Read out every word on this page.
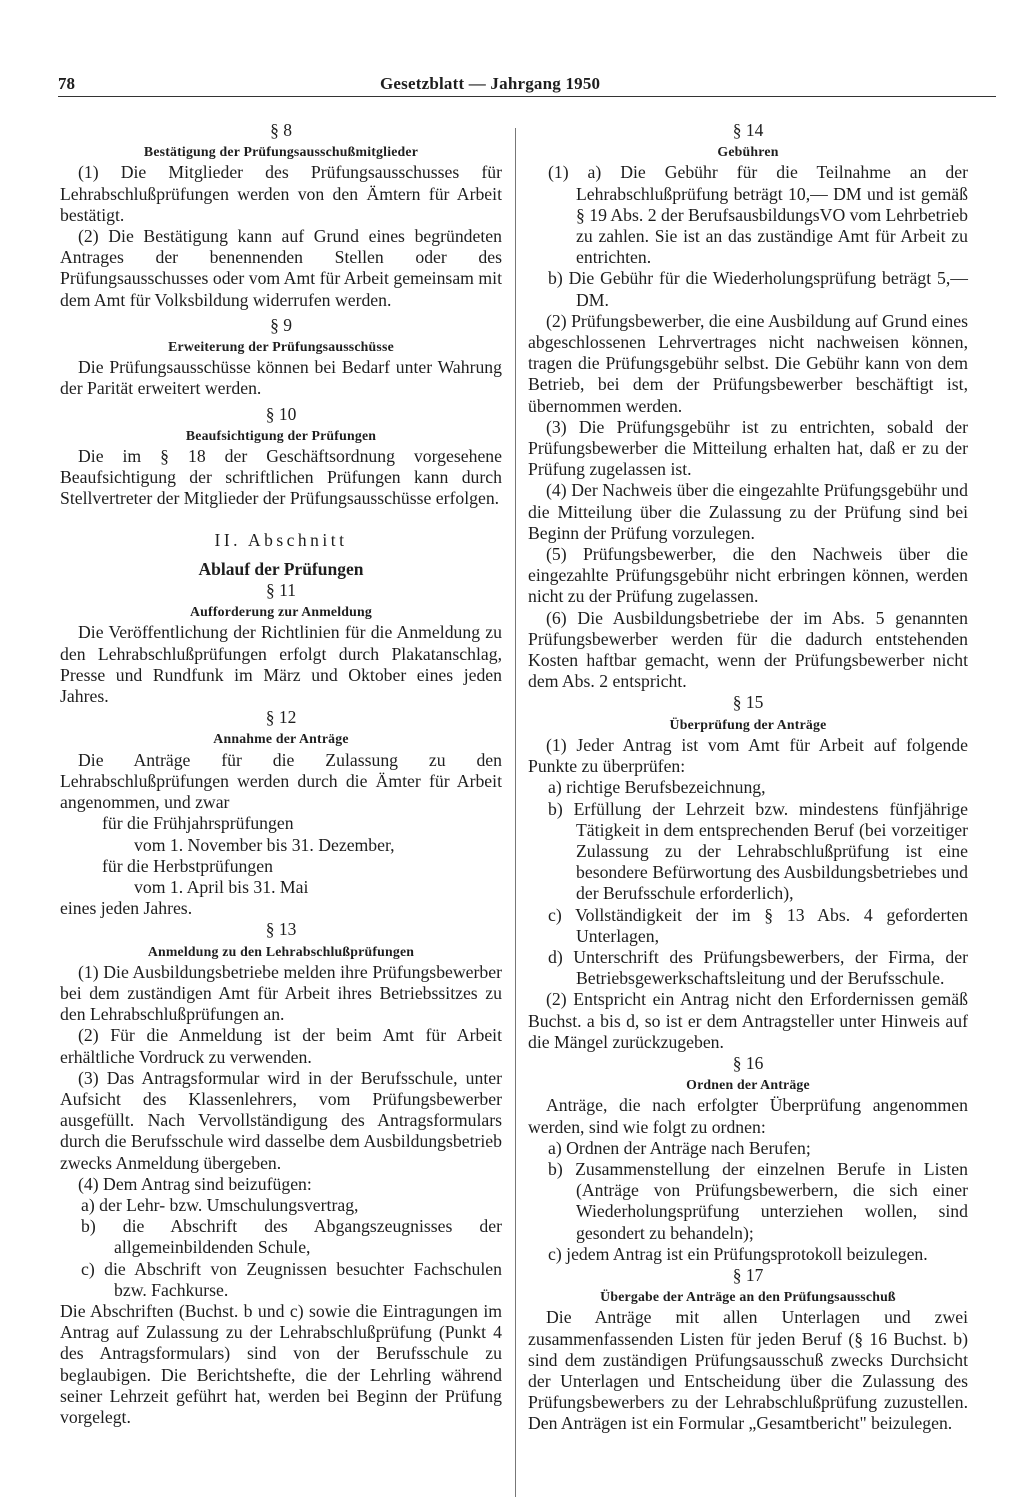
78	Gesetzblatt — Jahrgang 1950
§ 8
Bestätigung der Prüfungsausschußmitglieder

(1) Die Mitglieder des Prüfungsausschusses für Lehrabschlußprüfungen werden von den Ämtern für Arbeit bestätigt.

(2) Die Bestätigung kann auf Grund eines begründeten Antrages der benennenden Stellen oder des Prüfungsausschusses oder vom Amt für Arbeit gemeinsam mit dem Amt für Volksbildung widerrufen werden.

§ 9
Erweiterung der Prüfungsausschüsse

Die Prüfungsausschüsse können bei Bedarf unter Wahrung der Parität erweitert werden.

§ 10
Beaufsichtigung der Prüfungen

Die im § 18 der Geschäftsordnung vorgesehene Beaufsichtigung der schriftlichen Prüfungen kann durch Stellvertreter der Mitglieder der Prüfungsausschüsse erfolgen.

II. Abschnitt
Ablauf der Prüfungen
§ 11
Aufforderung zur Anmeldung

Die Veröffentlichung der Richtlinien für die Anmeldung zu den Lehrabschlußprüfungen erfolgt durch Plakatanschlag, Presse und Rundfunk im März und Oktober eines jeden Jahres.

§ 12
Annahme der Anträge

Die Anträge für die Zulassung zu den Lehrabschlußprüfungen werden durch die Ämter für Arbeit angenommen, und zwar

für die Frühjahrsprüfungen
vom 1. November bis 31. Dezember,
für die Herbstprüfungen
vom 1. April bis 31. Mai
eines jeden Jahres.
§ 13
Anmeldung zu den Lehrabschlußprüfungen

(1) Die Ausbildungsbetriebe melden ihre Prüfungsbewerber bei dem zuständigen Amt für Arbeit ihres Betriebssitzes zu den Lehrabschlußprüfungen an.

(2) Für die Anmeldung ist der beim Amt für Arbeit erhältliche Vordruck zu verwenden.

(3) Das Antragsformular wird in der Berufsschule, unter Aufsicht des Klassenlehrers, vom Prüfungsbewerber ausgefüllt. Nach Vervollständigung des Antragsformulars durch die Berufsschule wird dasselbe dem Ausbildungsbetrieb zwecks Anmeldung übergeben.

(4) Dem Antrag sind beizufügen:

a) der Lehr- bzw. Umschulungsvertrag,

b) die Abschrift des Abgangszeugnisses der allgemeinbildenden Schule,

c) die Abschrift von Zeugnissen besuchter Fachschulen bzw. Fachkurse.

Die Abschriften (Buchst. b und c) sowie die Eintragungen im Antrag auf Zulassung zu der Lehrabschlußprüfung (Punkt 4 des Antragsformulars) sind von der Berufsschule zu beglaubigen. Die Berichtshefte, die der Lehrling während seiner Lehrzeit geführt hat, werden bei Beginn der Prüfung vorgelegt.

§ 14
Gebühren

(1) a) Die Gebühr für die Teilnahme an der Lehrabschlußprüfung beträgt 10,— DM und ist gemäß § 19 Abs. 2 der BerufsausbildungsVO vom Lehrbetrieb zu zahlen. Sie ist an das zuständige Amt für Arbeit zu entrichten.

b) Die Gebühr für die Wiederholungsprüfung beträgt 5,— DM.

(2) Prüfungsbewerber, die eine Ausbildung auf Grund eines abgeschlossenen Lehrvertrages nicht nachweisen können, tragen die Prüfungsgebühr selbst. Die Gebühr kann von dem Betrieb, bei dem der Prüfungsbewerber beschäftigt ist, übernommen werden.

(3) Die Prüfungsgebühr ist zu entrichten, sobald der Prüfungsbewerber die Mitteilung erhalten hat, daß er zu der Prüfung zugelassen ist.

(4) Der Nachweis über die eingezahlte Prüfungsgebühr und die Mitteilung über die Zulassung zu der Prüfung sind bei Beginn der Prüfung vorzulegen.

(5) Prüfungsbewerber, die den Nachweis über die eingezahlte Prüfungsgebühr nicht erbringen können, werden nicht zu der Prüfung zugelassen.

(6) Die Ausbildungsbetriebe der im Abs. 5 genannten Prüfungsbewerber werden für die dadurch entstehenden Kosten haftbar gemacht, wenn der Prüfungsbewerber nicht dem Abs. 2 entspricht.

§ 15
Überprüfung der Anträge

(1) Jeder Antrag ist vom Amt für Arbeit auf folgende Punkte zu überprüfen:

a) richtige Berufsbezeichnung,

b) Erfüllung der Lehrzeit bzw. mindestens fünfjährige Tätigkeit in dem entsprechenden Beruf (bei vorzeitiger Zulassung zu der Lehrabschlußprüfung ist eine besondere Befürwortung des Ausbildungsbetriebes und der Berufsschule erforderlich),

c) Vollständigkeit der im § 13 Abs. 4 geforderten Unterlagen,

d) Unterschrift des Prüfungsbewerbers, der Firma, der Betriebsgewerkschaftsleitung und der Berufsschule.

(2) Entspricht ein Antrag nicht den Erfordernissen gemäß Buchst. a bis d, so ist er dem Antragsteller unter Hinweis auf die Mängel zurückzugeben.

§ 16
Ordnen der Anträge

Anträge, die nach erfolgter Überprüfung angenommen werden, sind wie folgt zu ordnen:

a) Ordnen der Anträge nach Berufen;

b) Zusammenstellung der einzelnen Berufe in Listen (Anträge von Prüfungsbewerbern, die sich einer Wiederholungsprüfung unterziehen wollen, sind gesondert zu behandeln);

c) jedem Antrag ist ein Prüfungsprotokoll beizulegen.

§ 17
Übergabe der Anträge an den Prüfungsausschuß

Die Anträge mit allen Unterlagen und zwei zusammenfassenden Listen für jeden Beruf (§ 16 Buchst. b) sind dem zuständigen Prüfungsausschuß zwecks Durchsicht der Unterlagen und Entscheidung über die Zulassung des Prüfungsbewerbers zu der Lehrabschlußprüfung zuzustellen. Den Anträgen ist ein Formular „Gesamtbericht" beizulegen.
